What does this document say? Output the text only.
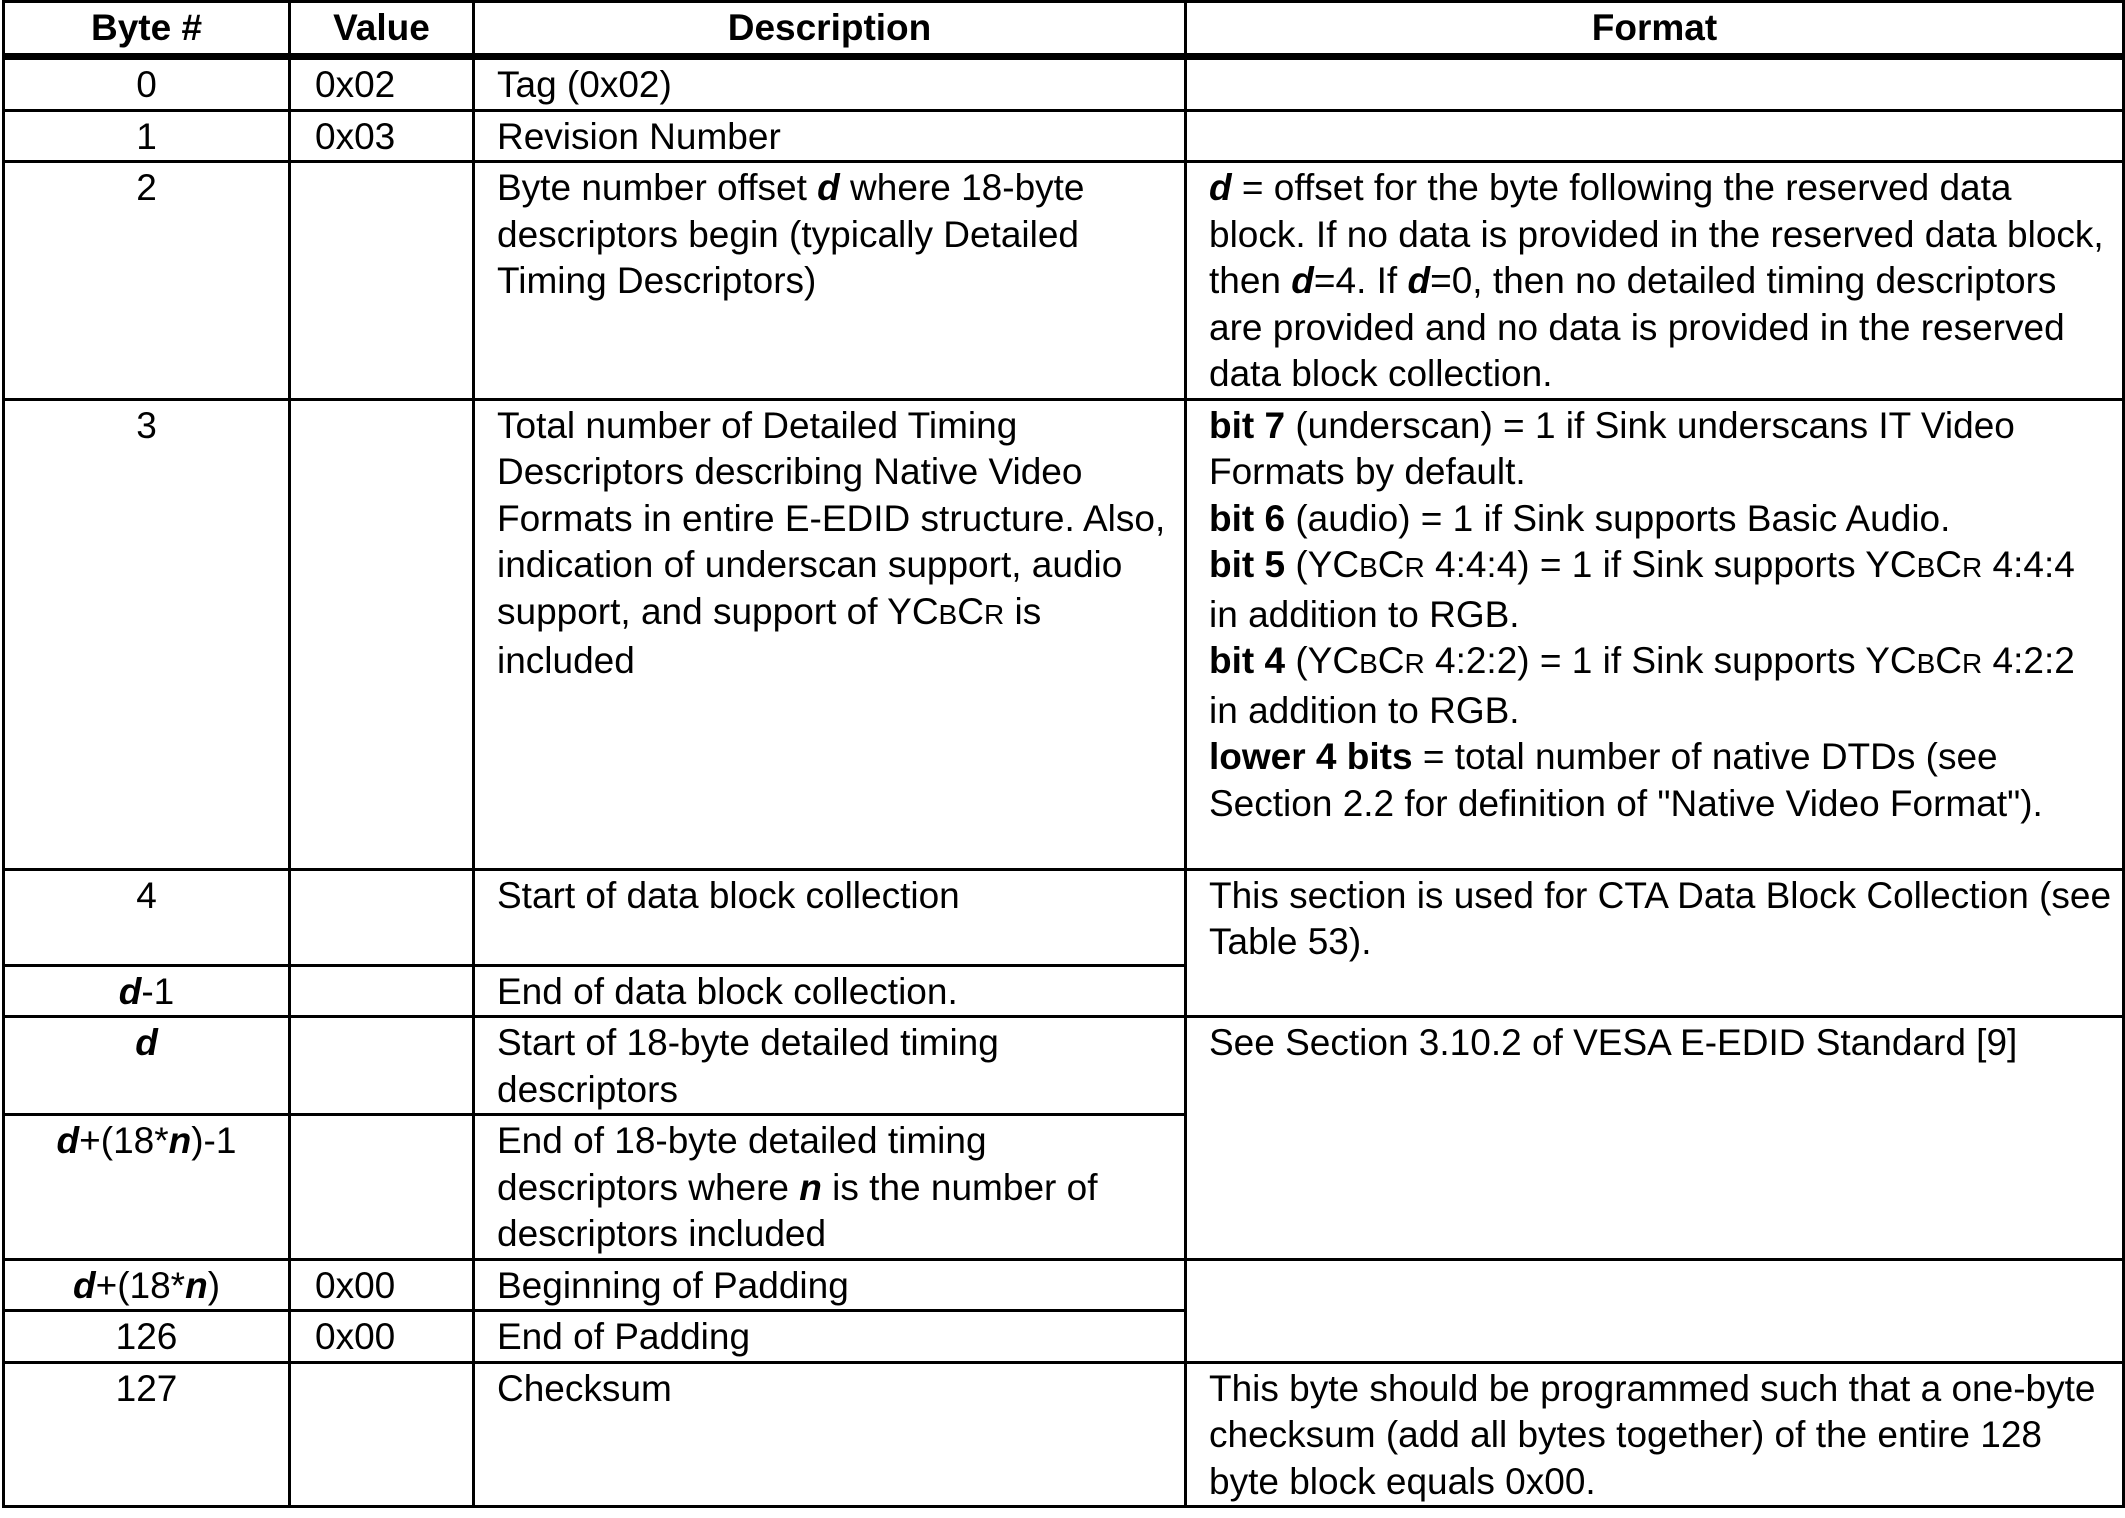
Byte #	Value	Description	Format
0	0x02	Tag (0x02)	
1	0x03	Revision Number	
2		Byte number offset d where 18-byte descriptors begin (typically Detailed Timing Descriptors)	d = offset for the byte following the reserved data block. If no data is provided in the reserved data block, then d=4. If d=0, then no detailed timing descriptors are provided and no data is provided in the reserved data block collection.
3		Total number of Detailed Timing Descriptors describing Native Video Formats in entire E-EDID structure. Also, indication of underscan support, audio support, and support of YCBCR is included	bit 7 (underscan) = 1 if Sink underscans IT Video Formats by default.
bit 6 (audio) = 1 if Sink supports Basic Audio.
bit 5 (YCBCR 4:4:4) = 1 if Sink supports YCBCR 4:4:4 in addition to RGB.
bit 4 (YCBCR 4:2:2) = 1 if Sink supports YCBCR 4:2:2 in addition to RGB.
lower 4 bits = total number of native DTDs (see Section 2.2 for definition of "Native Video Format").

4		Start of data block collection	This section is used for CTA Data Block Collection (see Table 53).
d-1		End of data block collection.	
d		Start of 18-byte detailed timing descriptors	See Section 3.10.2 of VESA E-EDID Standard [9]
d+(18*n)-1		End of 18-byte detailed timing descriptors where n is the number of descriptors included	
d+(18*n)	0x00	Beginning of Padding	
126	0x00	End of Padding	
127		Checksum	This byte should be programmed such that a one-byte checksum (add all bytes together) of the entire 128 byte block equals 0x00.
